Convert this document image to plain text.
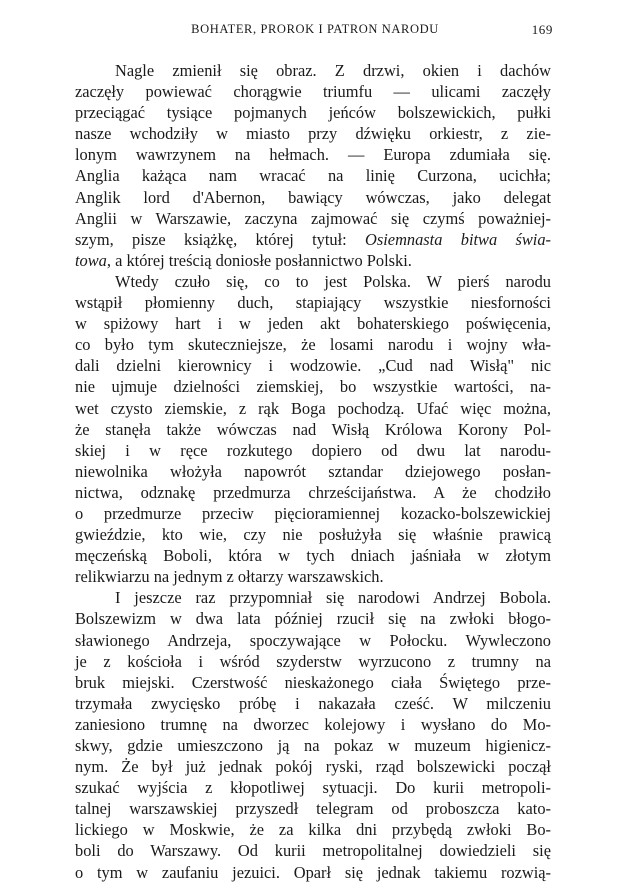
BOHATER, PROROK I PATRON NARODU	169
Nagle zmienił się obraz. Z drzwi, okien i dachów
zaczęły powiewać chorągwie triumfu — ulicami zaczęły
przeciągać tysiące pojmanych jeńców bolszewickich, pułki
nasze wchodziły w miasto przy dźwięku orkiestr, z zie-
lonym wawrzynem na hełmach. — Europa zdumiała się.
Anglia każąca nam wracać na linię Curzona, ucichła;
Anglik lord d'Abernon, bawiący wówczas, jako delegat
Anglii w Warszawie, zaczyna zajmować się czymś poważniej-
szym, pisze książkę, której tytuł: Osiemnasta bitwa świa-
towa, a której treścią doniosłe posłannictwo Polski.
Wtedy czuło się, co to jest Polska. W pierś narodu
wstąpił płomienny duch, stapiający wszystkie niesforności
w spiżowy hart i w jeden akt bohaterskiego poświęcenia,
co było tym skuteczniejsze, że losami narodu i wojny wła-
dali dzielni kierownicy i wodzowie. „Cud nad Wisłą" nic
nie ujmuje dzielności ziemskiej, bo wszystkie wartości, na-
wet czysto ziemskie, z rąk Boga pochodzą. Ufać więc można,
że stanęła także wówczas nad Wisłą Królowa Korony Pol-
skiej i w ręce rozkutego dopiero od dwu lat narodu-
niewolnika włożyła napowrót sztandar dziejowego posłan-
nictwa, odznakę przedmurza chrześcijaństwa. A że chodziło
o przedmurze przeciw pięcioramiennej kozacko-bolszewickiej
gwieździe, kto wie, czy nie posłużyła się właśnie prawicą
męczeńską Boboli, która w tych dniach jaśniała w złotym
relikwiarzu na jednym z ołtarzy warszawskich.
I jeszcze raz przypomniał się narodowi Andrzej Bobola.
Bolszewizm w dwa lata później rzucił się na zwłoki błogo-
sławionego Andrzeja, spoczywające w Połocku. Wywleczono
je z kościoła i wśród szyderstw wyrzucono z trumny na
bruk miejski. Czerstwość nieskażonego ciała Świętego prze-
trzymała zwycięsko próbę i nakazała cześć. W milczeniu
zaniesiono trumnę na dworzec kolejowy i wysłano do Mo-
skwy, gdzie umieszczono ją na pokaz w muzeum higienicz-
nym. Że był już jednak pokój ryski, rząd bolszewicki począł
szukać wyjścia z kłopotliwej sytuacji. Do kurii metropoli-
talnej warszawskiej przyszedł telegram od proboszcza kato-
lickiego w Moskwie, że za kilka dni przybędą zwłoki Bo-
boli do Warszawy. Od kurii metropolitalnej dowiedzieli się
o tym w zaufaniu jezuici. Oparł się jednak takiemu rozwią-
